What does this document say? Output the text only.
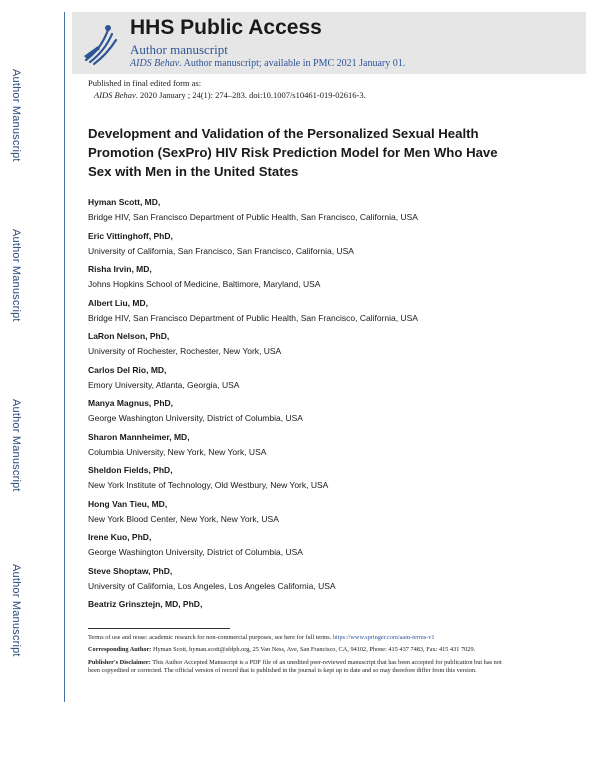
Author Manuscript
Author Manuscript
Author Manuscript
Author Manuscript
HHS Public Access
Author manuscript
AIDS Behav. Author manuscript; available in PMC 2021 January 01.
Published in final edited form as:
AIDS Behav. 2020 January ; 24(1): 274–283. doi:10.1007/s10461-019-02616-3.
Development and Validation of the Personalized Sexual Health Promotion (SexPro) HIV Risk Prediction Model for Men Who Have Sex with Men in the United States
Hyman Scott, MD,
Bridge HIV, San Francisco Department of Public Health, San Francisco, California, USA
Eric Vittinghoff, PhD,
University of California, San Francisco, San Francisco, California, USA
Risha Irvin, MD,
Johns Hopkins School of Medicine, Baltimore, Maryland, USA
Albert Liu, MD,
Bridge HIV, San Francisco Department of Public Health, San Francisco, California, USA
LaRon Nelson, PhD,
University of Rochester, Rochester, New York, USA
Carlos Del Rio, MD,
Emory University, Atlanta, Georgia, USA
Manya Magnus, PhD,
George Washington University, District of Columbia, USA
Sharon Mannheimer, MD,
Columbia University, New York, New York, USA
Sheldon Fields, PhD,
New York Institute of Technology, Old Westbury, New York, USA
Hong Van Tieu, MD,
New York Blood Center, New York, New York, USA
Irene Kuo, PhD,
George Washington University, District of Columbia, USA
Steve Shoptaw, PhD,
University of California, Los Angeles, Los Angeles California, USA
Beatriz Grinsztejn, MD, PhD,

Terms of use and reuse: academic research for non-commercial purposes, see here for full terms. https://www.springer.com/aam-terms-v1

Corresponding Author: Hyman Scott, hyman.scott@sfdph.org, 25 Van Ness, Ave, San Francisco, CA, 94102, Phone: 415 437 7483, Fax: 415 431 7029.

Publisher's Disclaimer: This Author Accepted Manuscript is a PDF file of an unedited peer-reviewed manuscript that has been accepted for publication but has not been copyedited or corrected. The official version of record that is published in the journal is kept up to date and so may therefore differ from this version.
